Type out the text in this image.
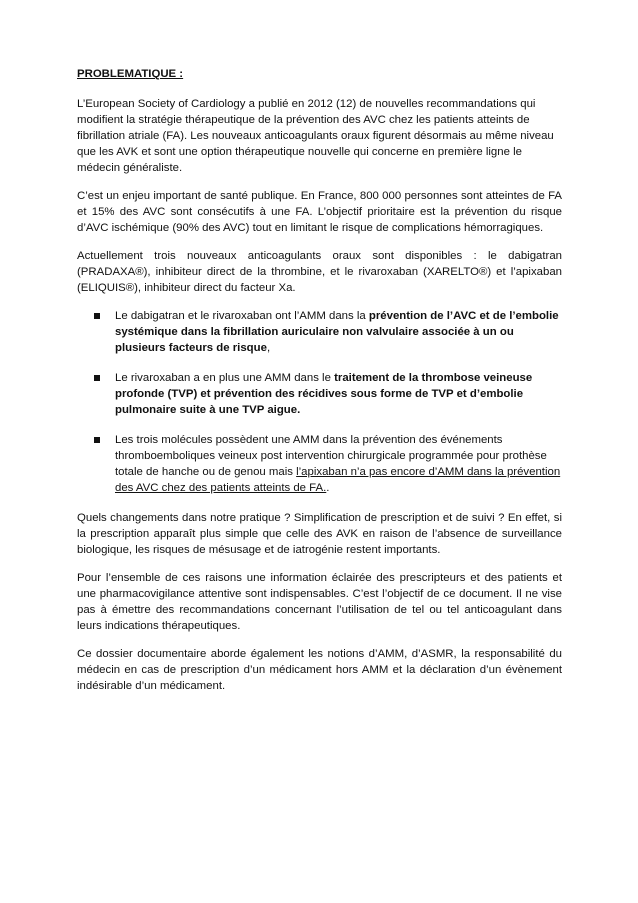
PROBLEMATIQUE :

L’European Society of Cardiology a publié en 2012 (12) de nouvelles recommandations qui modifient la stratégie thérapeutique de la prévention des AVC chez les patients atteints de fibrillation atriale (FA). Les nouveaux anticoagulants oraux figurent désormais au même niveau que les AVK et sont une option thérapeutique nouvelle qui concerne en première ligne le médecin généraliste.

C’est un enjeu important de santé publique. En France, 800 000 personnes sont atteintes de FA et 15% des AVC sont consécutifs à une FA. L’objectif prioritaire est la prévention du risque d’AVC ischémique (90% des AVC) tout en limitant le risque de complications hémorragiques.

Actuellement trois nouveaux anticoagulants oraux sont disponibles : le dabigatran (PRADAXA®), inhibiteur direct de la thrombine, et le rivaroxaban (XARELTO®) et l’apixaban (ELIQUIS®), inhibiteur direct du facteur Xa.

Le dabigatran et le rivaroxaban ont l’AMM dans la prévention de l’AVC et de l’embolie systémique dans la fibrillation auriculaire non valvulaire associée à un ou plusieurs facteurs de risque,
Le rivaroxaban a en plus une AMM dans le traitement de la thrombose veineuse profonde (TVP) et prévention des récidives sous forme de TVP et d’embolie pulmonaire suite à une TVP aigue.
Les trois molécules possèdent une AMM dans la prévention des événements thromboemboliques veineux post intervention chirurgicale programmée pour prothèse totale de hanche ou de genou mais l’apixaban n’a pas encore d’AMM dans la prévention des AVC chez des patients atteints de FA..

Quels changements dans notre pratique ? Simplification de prescription et de suivi ? En effet, si la prescription apparaît plus simple que celle des AVK en raison de l’absence de surveillance biologique, les risques de mésusage et de iatrogénie restent importants.

Pour l’ensemble de ces raisons une information éclairée des prescripteurs et des patients et une pharmacovigilance attentive sont indispensables. C’est l’objectif de ce document. Il ne vise pas à émettre des recommandations concernant l’utilisation de tel ou tel anticoagulant dans leurs indications thérapeutiques.

Ce dossier documentaire aborde également les notions d’AMM, d’ASMR, la responsabilité du médecin en cas de prescription d’un médicament hors AMM et la déclaration d’un évènement indésirable d’un médicament.
